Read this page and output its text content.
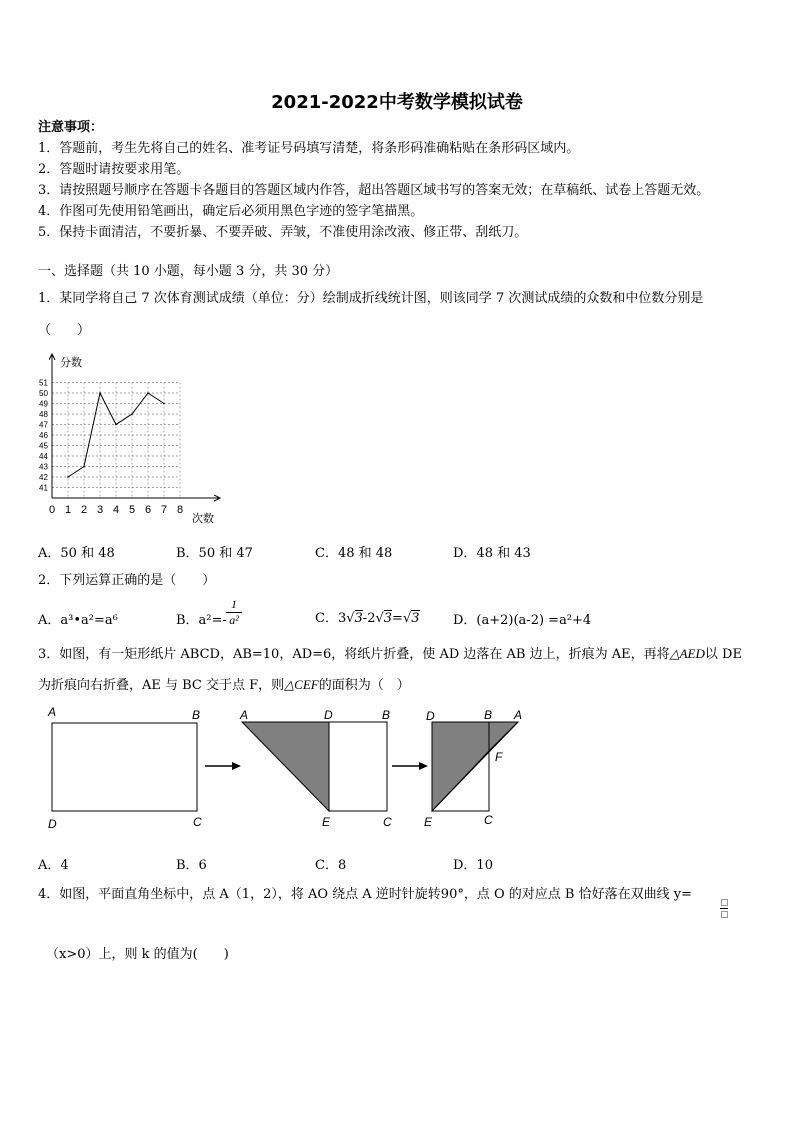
2021-2022中考数学模拟试卷
注意事项：
1．答题前，考生先将自己的姓名、准考证号码填写清楚，将条形码准确粘贴在条形码区域内。
2．答题时请按要求用笔。
3．请按照题号顺序在答题卡各题目的答题区域内作答，超出答题区域书写的答案无效；在草稿纸、试卷上答题无效。
4．作图可先使用铅笔画出，确定后必须用黑色字迹的签字笔描黑。
5．保持卡面清洁，不要折暴、不要弄破、弄皱，不准使用涂改液、修正带、刮纸刀。
一、选择题（共 10 小题，每小题 3 分，共 30 分）
1．某同学将自己 7 次体育测试成绩（单位：分）绘制成折线统计图，则该同学 7 次测试成绩的众数和中位数分别是
（　　）
分数
次数
0 1 2 3 4 5 6 7 8
41
42
43
44
45
46
47
48
49
50
51
A．50 和 48	B．50 和 47	C．48 和 48	D．48 和 43
2．下列运算正确的是（　　）
A．a³•a²=a⁶	B．$a^2=- \frac{1}{\text{a²}}$	C．3√3-2√3=√3	D．(a+2)(a-2) =a²+4
3．如图，有一矩形纸片 ABCD，AB=10，AD=6，将纸片折叠，使 AD 边落在 AB 边上，折痕为 AE，再将△AED以 DE
为折痕向右折叠，AE 与 BC 交于点 F，则△CEF的面积为（　）
A	B
D	C
A	D	B
E	C
D	B A
F
E	C
A．4	B．6	C．8	D．10
4．如图，平面直角坐标中，点 A（1，2），将 AO 绕点 A 逆时针旋转90°，点 O 的对应点 B 恰好落在双曲线 y=
（x>0）上，则 k 的值为(　　)
